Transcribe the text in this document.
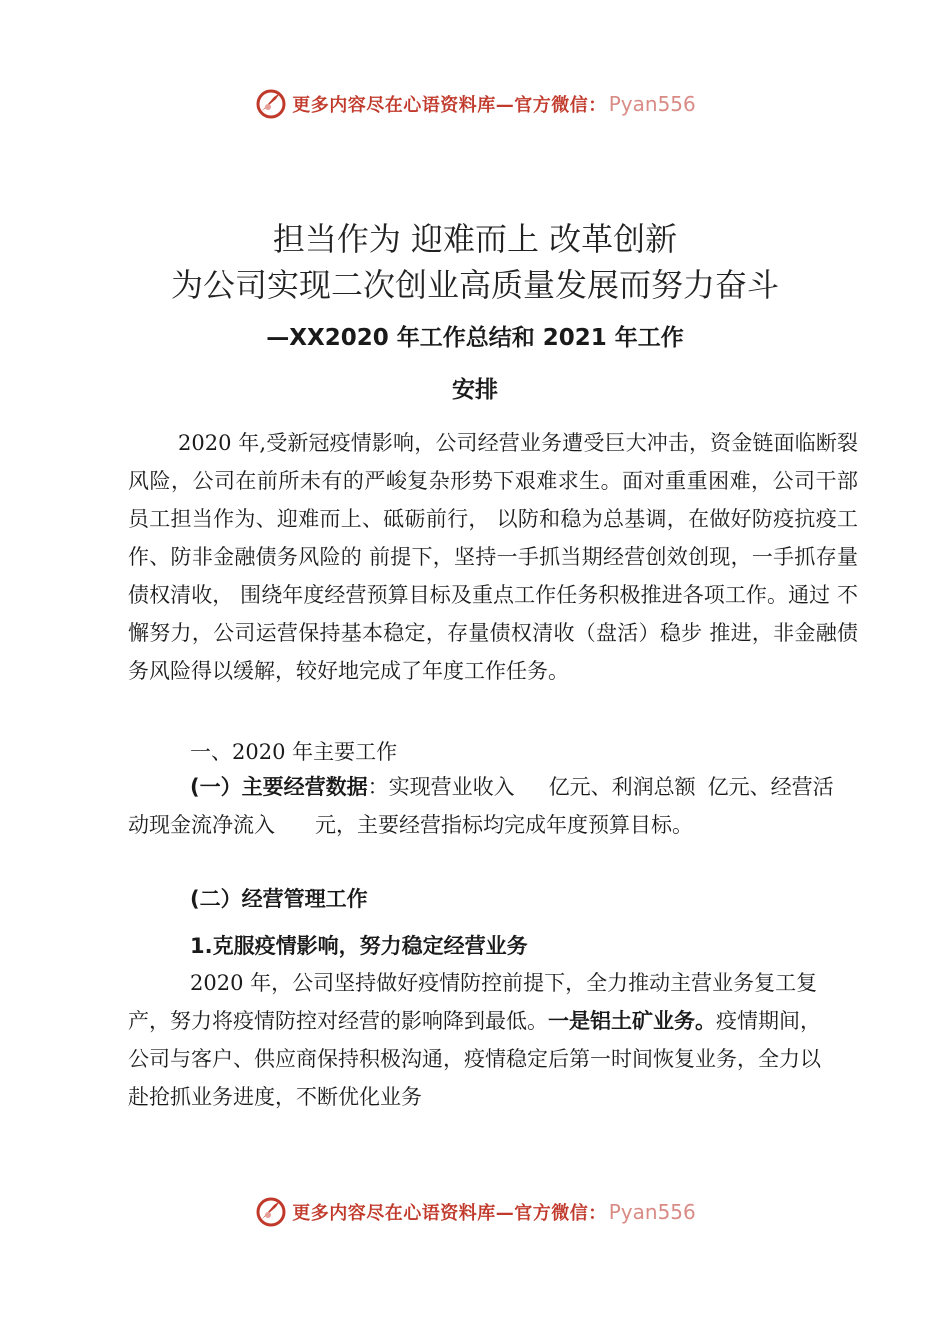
更多内容尽在心语资料库—官方微信： Pyan556
担当作为 迎难而上 改革创新
为公司实现二次创业高质量发展而努力奋斗
—XX2020 年工作总结和 2021 年工作
安排
2020 年,受新冠疫情影响，公司经营业务遭受巨大冲击，资金链面临断裂风险，公司在前所未有的严峻复杂形势下艰难求生。面对重重困难，公司干部员工担当作为、迎难而上、砥砺前行， 以防和稳为总基调，在做好防疫抗疫工作、防非金融债务风险的 前提下，坚持一手抓当期经营创效创现，一手抓存量债权清收， 围绕年度经营预算目标及重点工作任务积极推进各项工作。通过 不懈努力，公司运营保持基本稳定，存量债权清收（盘活）稳步 推进，非金融债务风险得以缓解，较好地完成了年度工作任务。
一、2020 年主要工作
(一）主要经营数据：实现营业收入 亿元、利润总额 亿元、经营活动现金流净流入 元，主要经营指标均完成年度预算目标。
(二）经营管理工作
1.克服疫情影响，努力稳定经营业务
2020 年，公司坚持做好疫情防控前提下，全力推动主营业务复工复产，努力将疫情防控对经营的影响降到最低。一是铝土矿业务。疫情期间，公司与客户、供应商保持积极沟通，疫情稳定后第一时间恢复业务，全力以赴抢抓业务进度，不断优化业务
更多内容尽在心语资料库—官方微信： Pyan556
